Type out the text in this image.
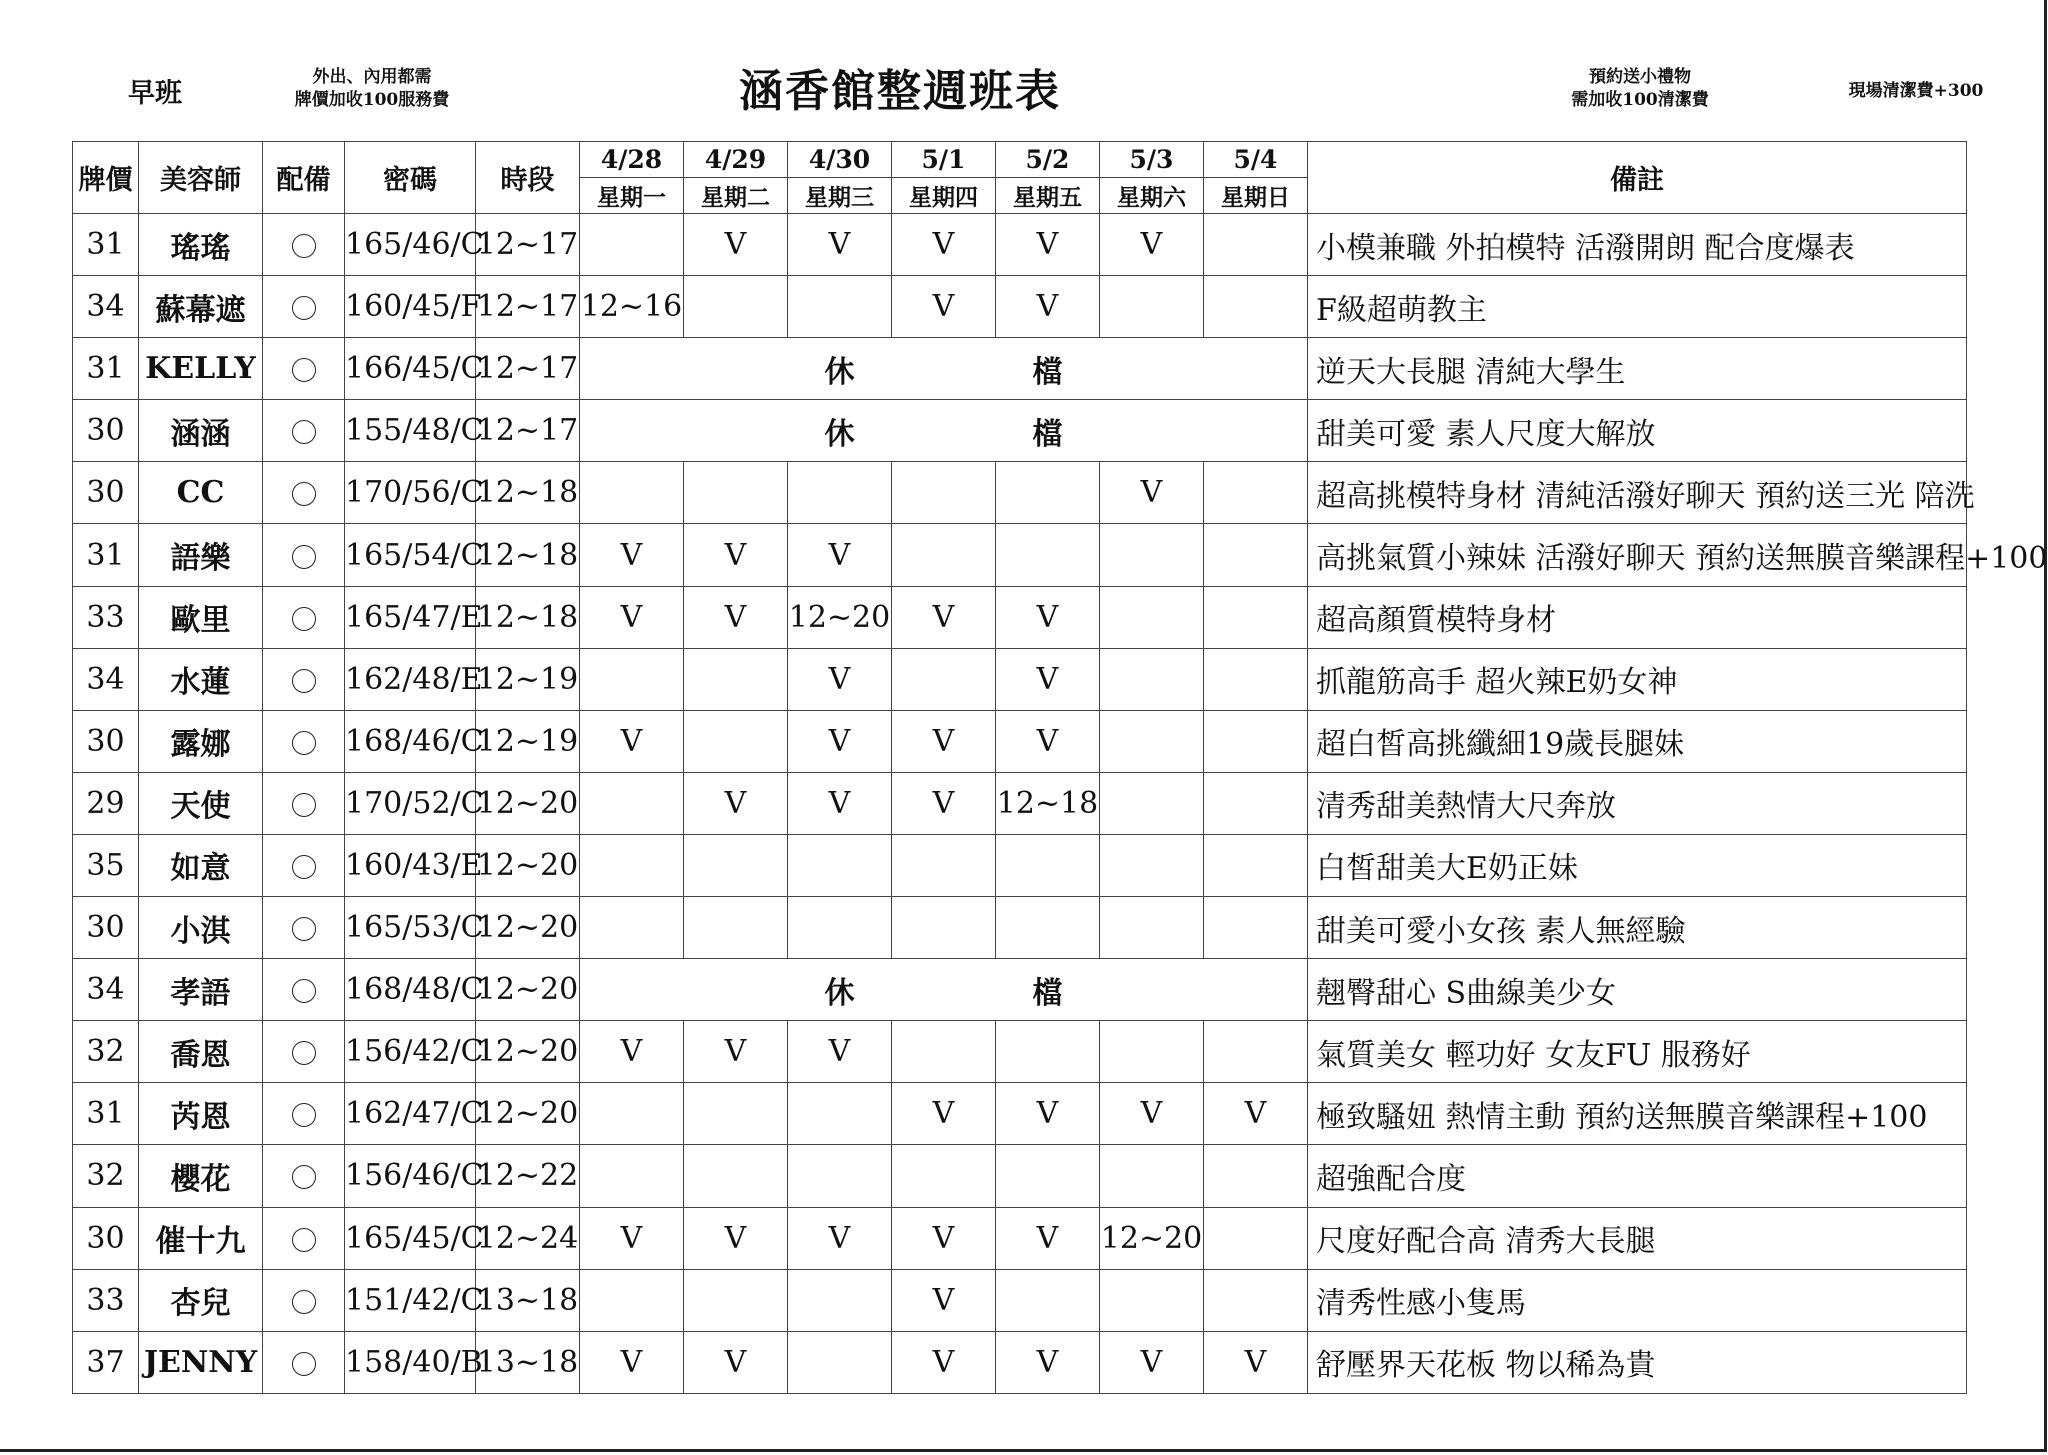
早班
外出、內用都需
牌價加收100服務費	涵香館整週班表	預約送小禮物
需加收100清潔費	現場清潔費+300
牌價	美容師	配備	密碼	時段	4/28	4/29	4/30	5/1	5/2	5/3	5/4	備註
					星期一	星期二	星期三	星期四	星期五	星期六	星期日	
31	瑤瑤		165/46/C	12~17		V	V	V	V	V		小模兼職 外拍模特 活潑開朗 配合度爆表
34	蘇幕遮		160/45/F	12~17	12~16			V	V			F級超萌教主
31	KELLY		166/45/C	12~17	休 檔							逆天大長腿 清純大學生
30	涵涵		155/48/C	12~17	休 檔							甜美可愛 素人尺度大解放
30	CC		170/56/C	12~18						V		超高挑模特身材 清純活潑好聊天 預約送三光 陪洗
31	語樂		165/54/C	12~18	V	V	V					高挑氣質小辣妹 活潑好聊天 預約送無膜音樂課程+100
33	歐里		165/47/E	12~18	V	V	12~20	V	V			超高顏質模特身材
34	水蓮		162/48/E	12~19			V		V			抓龍筋高手 超火辣E奶女神
30	露娜		168/46/C	12~19	V		V	V	V			超白皙高挑纖細19歲長腿妹
29	天使		170/52/C	12~20		V	V	V	12~18			清秀甜美熱情大尺奔放
35	如意		160/43/E	12~20								白皙甜美大E奶正妹
30	小淇		165/53/C	12~20								甜美可愛小女孩 素人無經驗
34	孝語		168/48/C	12~20	休 檔							翹臀甜心 S曲線美少女
32	喬恩		156/42/C	12~20	V	V	V					氣質美女 輕功好 女友FU 服務好
31	芮恩		162/47/C	12~20				V	V	V	V	極致騷妞 熱情主動 預約送無膜音樂課程+100
32	櫻花		156/46/C	12~22								超強配合度
30	催十九		165/45/C	12~24	V	V	V	V	V	12~20		尺度好配合高 清秀大長腿
33	杏兒		151/42/C	13~18				V				清秀性感小隻馬
37	JENNY		158/40/B	13~18	V	V		V	V	V	V	舒壓界天花板 物以稀為貴
